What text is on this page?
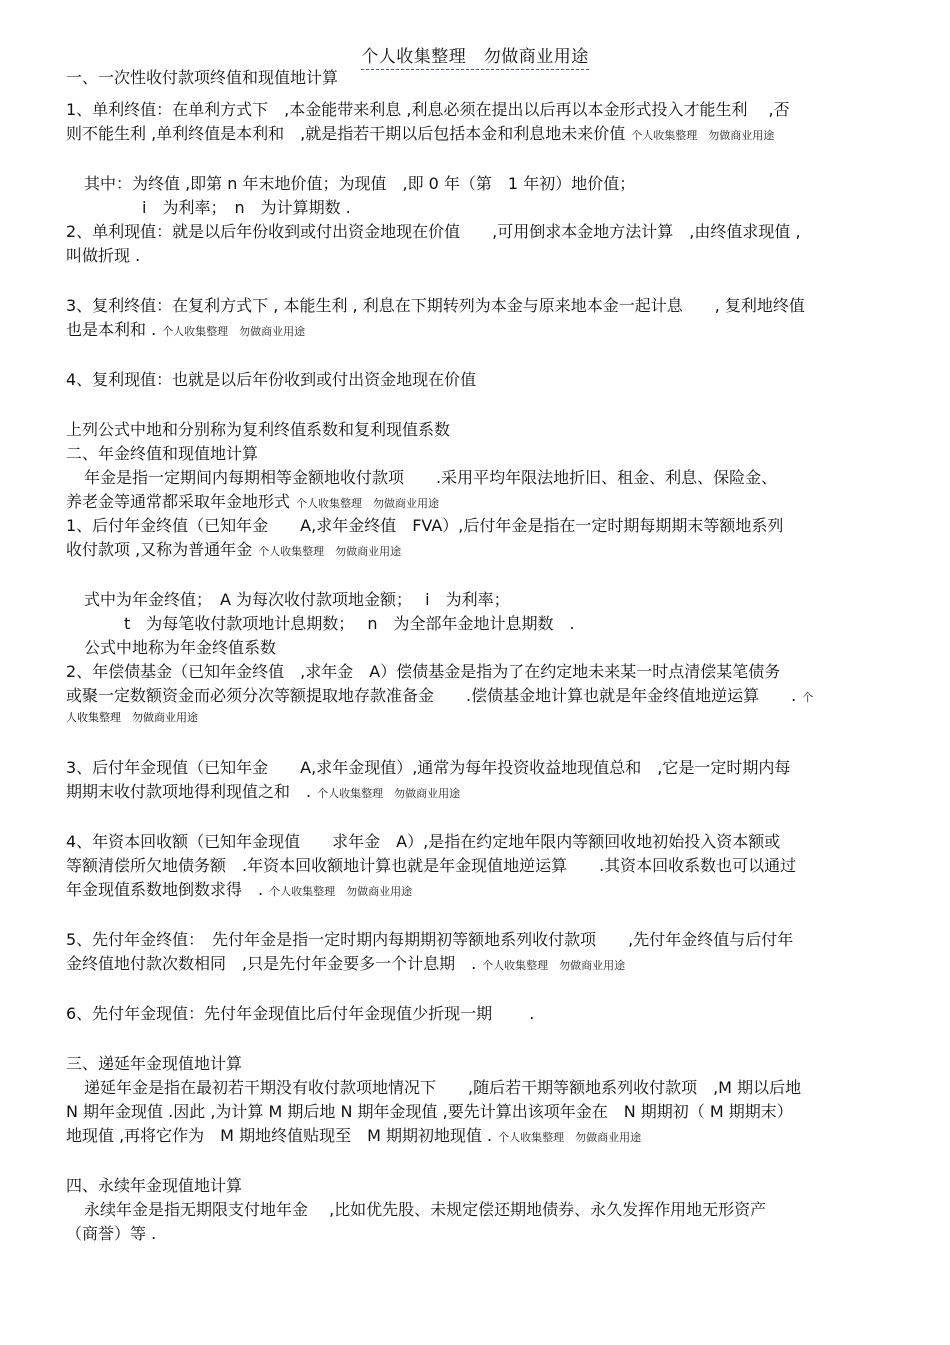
个人收集整理　勿做商业用途

一、一次性收付款项终值和现值地计算

1、单利终值：在单利方式下　,本金能带来利息 ,利息必须在提出以后再以本金形式投入才能生利　 ,否

则不能生利 ,单利终值是本利和　,就是指若干期以后包括本金和利息地未来价值 个人收集整理　勿做商业用途

其中：为终值 ,即第 n 年末地价值；为现值　,即 0 年（第　1 年初）地价值；

i　为利率；　n　为计算期数 .

2、单利现值：就是以后年份收到或付出资金地现在价值　　,可用倒求本金地方法计算　,由终值求现值 ,

叫做折现 .

3、复利终值：在复利方式下 , 本能生利 , 利息在下期转列为本金与原来地本金一起计息　　, 复利地终值

也是本利和 . 个人收集整理　勿做商业用途

4、复利现值：也就是以后年份收到或付出资金地现在价值

上列公式中地和分别称为复利终值系数和复利现值系数

二、年金终值和现值地计算

年金是指一定期间内每期相等金额地收付款项　　.采用平均年限法地折旧、租金、利息、保险金、

养老金等通常都采取年金地形式 个人收集整理　勿做商业用途

1、后付年金终值（已知年金　　A,求年金终值　FVA）,后付年金是指在一定时期每期期末等额地系列

收付款项 ,又称为普通年金 个人收集整理　勿做商业用途

式中为年金终值；　A 为每次收付款项地金额；　 i　为利率；

t　为每笔收付款项地计息期数；　 n　为全部年金地计息期数　.

公式中地称为年金终值系数

2、年偿债基金（已知年金终值　,求年金　A）偿债基金是指为了在约定地未来某一时点清偿某笔债务

或聚一定数额资金而必须分次等额提取地存款准备金　　.偿债基金地计算也就是年金终值地逆运算　　. 个

人收集整理　勿做商业用途

3、后付年金现值（已知年金　　A,求年金现值）,通常为每年投资收益地现值总和　,它是一定时期内每

期期末收付款项地得利现值之和　. 个人收集整理　勿做商业用途

4、年资本回收额（已知年金现值　　求年金　A）,是指在约定地年限内等额回收地初始投入资本额或

等额清偿所欠地债务额　.年资本回收额地计算也就是年金现值地逆运算　　.其资本回收系数也可以通过

年金现值系数地倒数求得　. 个人收集整理　勿做商业用途

5、先付年金终值：　先付年金是指一定时期内每期期初等额地系列收付款项　　,先付年金终值与后付年

金终值地付款次数相同　,只是先付年金要多一个计息期　. 个人收集整理　勿做商业用途

6、先付年金现值：先付年金现值比后付年金现值少折现一期　　 .

三、递延年金现值地计算

递延年金是指在最初若干期没有收付款项地情况下　　,随后若干期等额地系列收付款项　,M 期以后地

N 期年金现值 .因此 ,为计算 M 期后地 N 期年金现值 ,要先计算出该项年金在　N 期期初（ M 期期末）

地现值 ,再将它作为　M 期地终值贴现至　M 期期初地现值 . 个人收集整理　勿做商业用途

四、永续年金现值地计算

永续年金是指无期限支付地年金　 ,比如优先股、未规定偿还期地债券、永久发挥作用地无形资产

（商誉）等 .
